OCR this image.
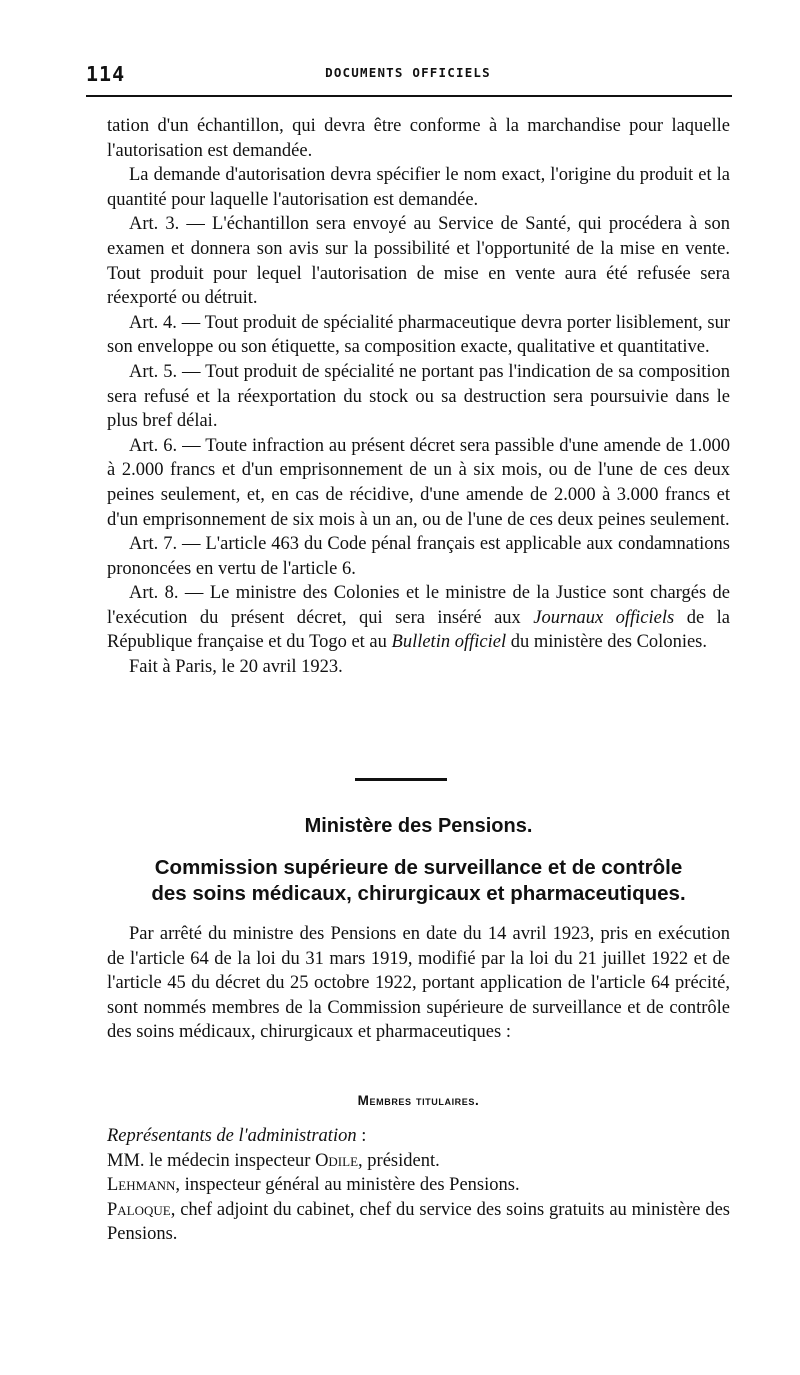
114	DOCUMENTS OFFICIELS

tation d'un échantillon, qui devra être conforme à la marchandise pour laquelle l'autorisation est demandée.

La demande d'autorisation devra spécifier le nom exact, l'origine du produit et la quantité pour laquelle l'autorisation est demandée.

Art. 3. — L'échantillon sera envoyé au Service de Santé, qui procédera à son examen et donnera son avis sur la possibilité et l'opportunité de la mise en vente. Tout produit pour lequel l'autorisation de mise en vente aura été refusée sera réexporté ou détruit.

Art. 4. — Tout produit de spécialité pharmaceutique devra porter lisiblement, sur son enveloppe ou son étiquette, sa composition exacte, qualitative et quantitative.

Art. 5. — Tout produit de spécialité ne portant pas l'indication de sa composition sera refusé et la réexportation du stock ou sa destruction sera poursuivie dans le plus bref délai.

Art. 6. — Toute infraction au présent décret sera passible d'une amende de 1.000 à 2.000 francs et d'un emprisonnement de un à six mois, ou de l'une de ces deux peines seulement, et, en cas de récidive, d'une amende de 2.000 à 3.000 francs et d'un emprisonnement de six mois à un an, ou de l'une de ces deux peines seulement.

Art. 7. — L'article 463 du Code pénal français est applicable aux condamnations prononcées en vertu de l'article 6.

Art. 8. — Le ministre des Colonies et le ministre de la Justice sont chargés de l'exécution du présent décret, qui sera inséré aux Journaux officiels de la République française et du Togo et au Bulletin officiel du ministère des Colonies.

Fait à Paris, le 20 avril 1923.

Ministère des Pensions.
Commission supérieure de surveillance et de contrôle
des soins médicaux, chirurgicaux et pharmaceutiques.

Par arrêté du ministre des Pensions en date du 14 avril 1923, pris en exécution de l'article 64 de la loi du 31 mars 1919, modifié par la loi du 21 juillet 1922 et de l'article 45 du décret du 25 octobre 1922, portant application de l'article 64 précité, sont nommés membres de la Commission supérieure de surveillance et de contrôle des soins médicaux, chirurgicaux et pharmaceutiques :

Membres titulaires.

Représentants de l'administration :

MM. le médecin inspecteur Odile, président.

Lehmann, inspecteur général au ministère des Pensions.

Paloque, chef adjoint du cabinet, chef du service des soins gratuits au ministère des Pensions.
